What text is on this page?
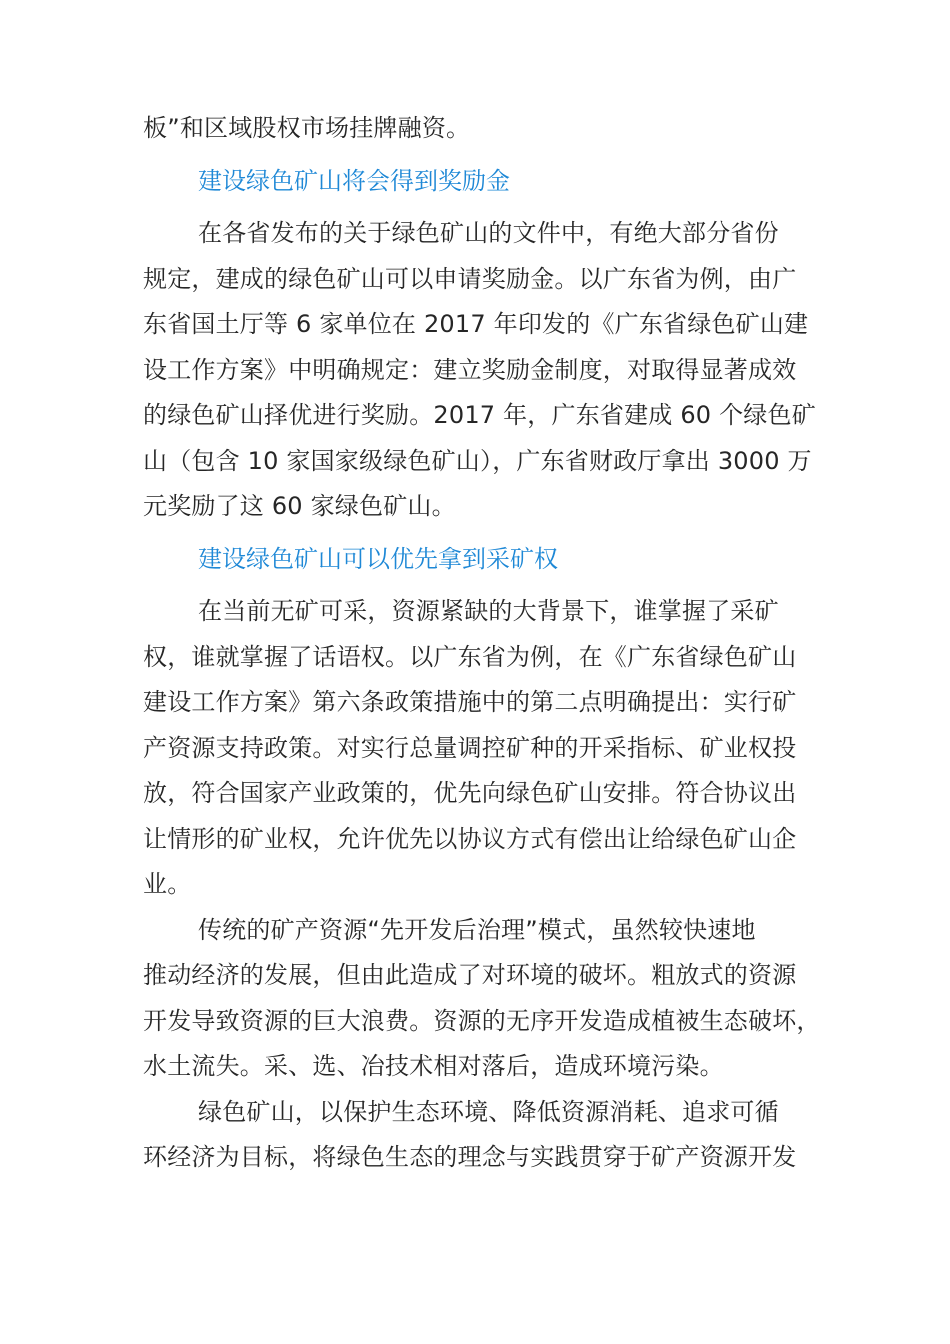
板”和区域股权市场挂牌融资。
建设绿色矿山将会得到奖励金
在各省发布的关于绿色矿山的文件中，有绝大部分省份
规定，建成的绿色矿山可以申请奖励金。以广东省为例，由广
东省国土厅等 6 家单位在 2017 年印发的《广东省绿色矿山建
设工作方案》中明确规定：建立奖励金制度，对取得显著成效
的绿色矿山择优进行奖励。2017 年，广东省建成 60 个绿色矿
山（包含 10 家国家级绿色矿山），广东省财政厅拿出 3000 万
元奖励了这 60 家绿色矿山。
建设绿色矿山可以优先拿到采矿权
在当前无矿可采，资源紧缺的大背景下，谁掌握了采矿
权，谁就掌握了话语权。以广东省为例，在《广东省绿色矿山
建设工作方案》第六条政策措施中的第二点明确提出：实行矿
产资源支持政策。对实行总量调控矿种的开采指标、矿业权投
放，符合国家产业政策的，优先向绿色矿山安排。符合协议出
让情形的矿业权，允许优先以协议方式有偿出让给绿色矿山企
业。
传统的矿产资源“先开发后治理”模式，虽然较快速地
推动经济的发展，但由此造成了对环境的破坏。粗放式的资源
开发导致资源的巨大浪费。资源的无序开发造成植被生态破坏，
水土流失。采、选、冶技术相对落后，造成环境污染。
绿色矿山，以保护生态环境、降低资源消耗、追求可循
环经济为目标，将绿色生态的理念与实践贯穿于矿产资源开发
